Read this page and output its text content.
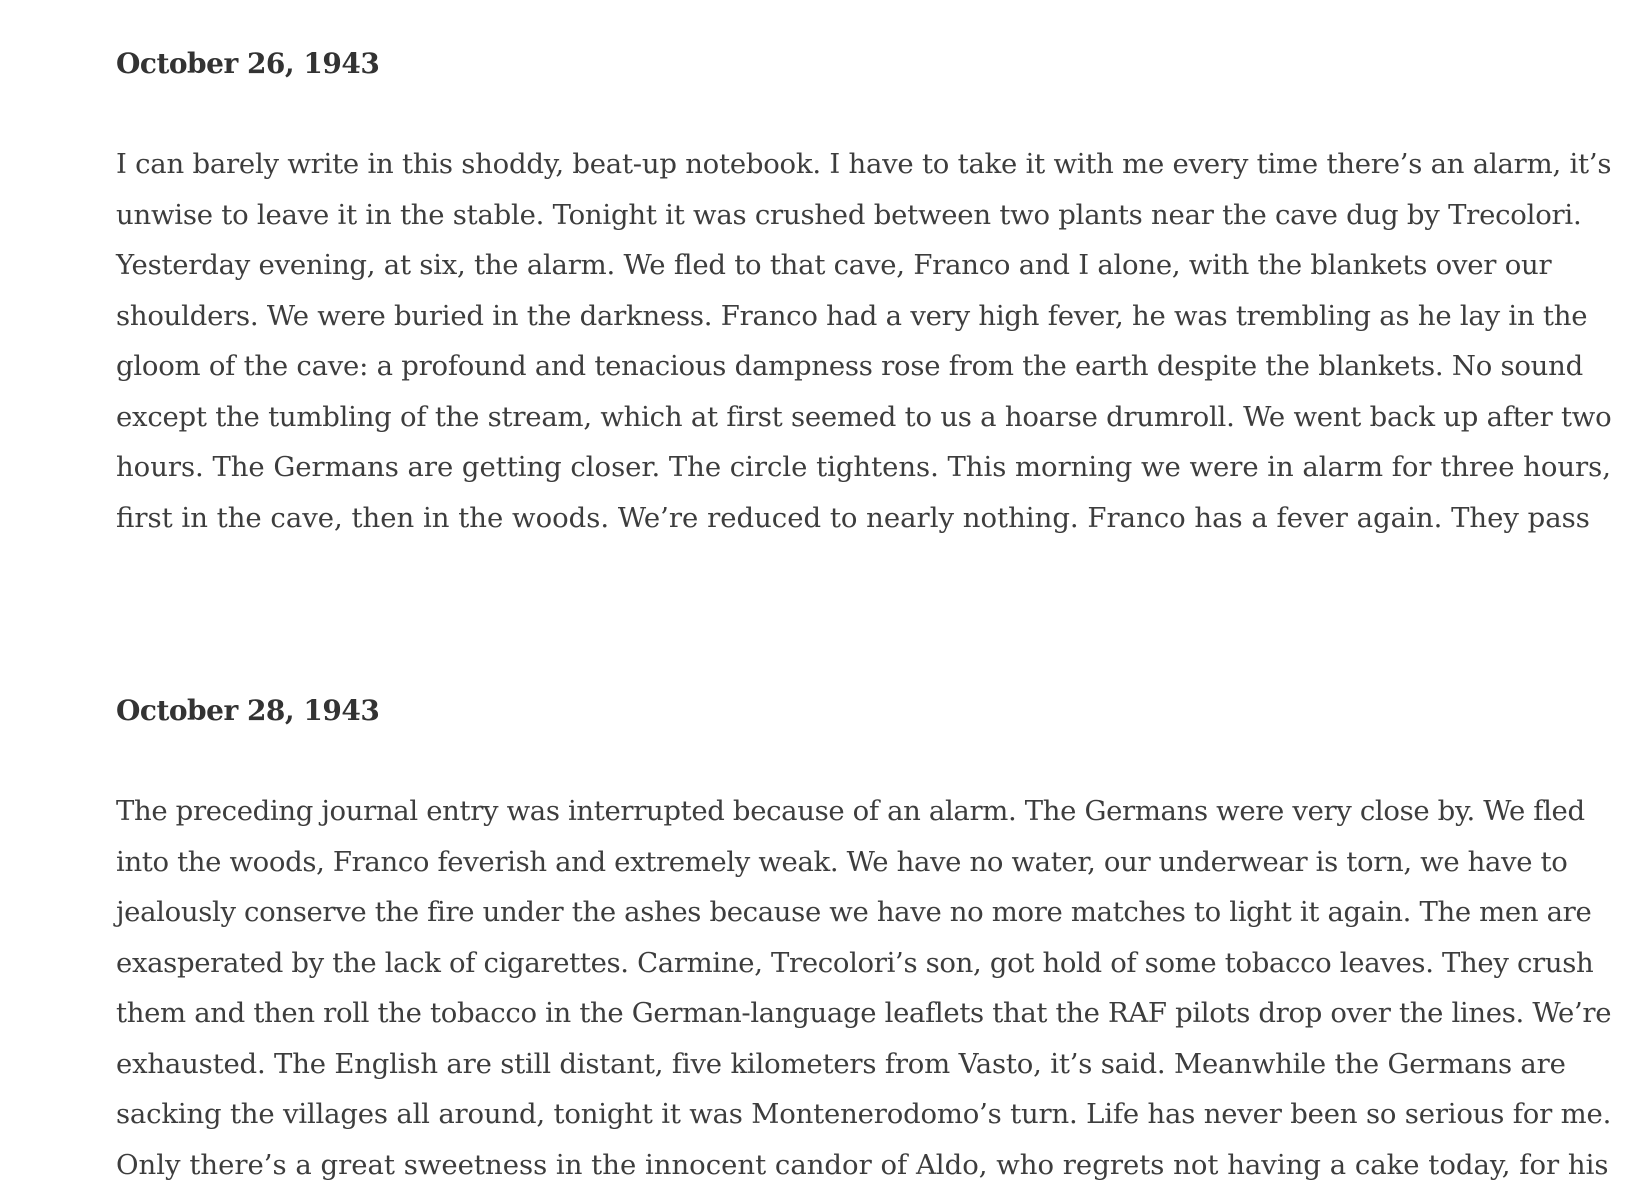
October 26, 1943

I can barely write in this shoddy, beat-up notebook. I have to take it with me every time there’s an alarm, it’s
unwise to leave it in the stable. Tonight it was crushed between two plants near the cave dug by Trecolori.
Yesterday evening, at six, the alarm. We fled to that cave, Franco and I alone, with the blankets over our
shoulders. We were buried in the darkness. Franco had a very high fever, he was trembling as he lay in the
gloom of the cave: a profound and tenacious dampness rose from the earth despite the blankets. No sound
except the tumbling of the stream, which at first seemed to us a hoarse drumroll. We went back up after two
hours. The Germans are getting closer. The circle tightens. This morning we were in alarm for three hours,
first in the cave, then in the woods. We’re reduced to nearly nothing. Franco has a fever again. They pass

October 28, 1943

The preceding journal entry was interrupted because of an alarm. The Germans were very close by. We fled
into the woods, Franco feverish and extremely weak. We have no water, our underwear is torn, we have to
jealously conserve the fire under the ashes because we have no more matches to light it again. The men are
exasperated by the lack of cigarettes. Carmine, Trecolori’s son, got hold of some tobacco leaves. They crush
them and then roll the tobacco in the German-language leaflets that the RAF pilots drop over the lines. We’re
exhausted. The English are still distant, five kilometers from Vasto, it’s said. Meanwhile the Germans are
sacking the villages all around, tonight it was Montenerodomo’s turn. Life has never been so serious for me.
Only there’s a great sweetness in the innocent candor of Aldo, who regrets not having a cake today, for his
